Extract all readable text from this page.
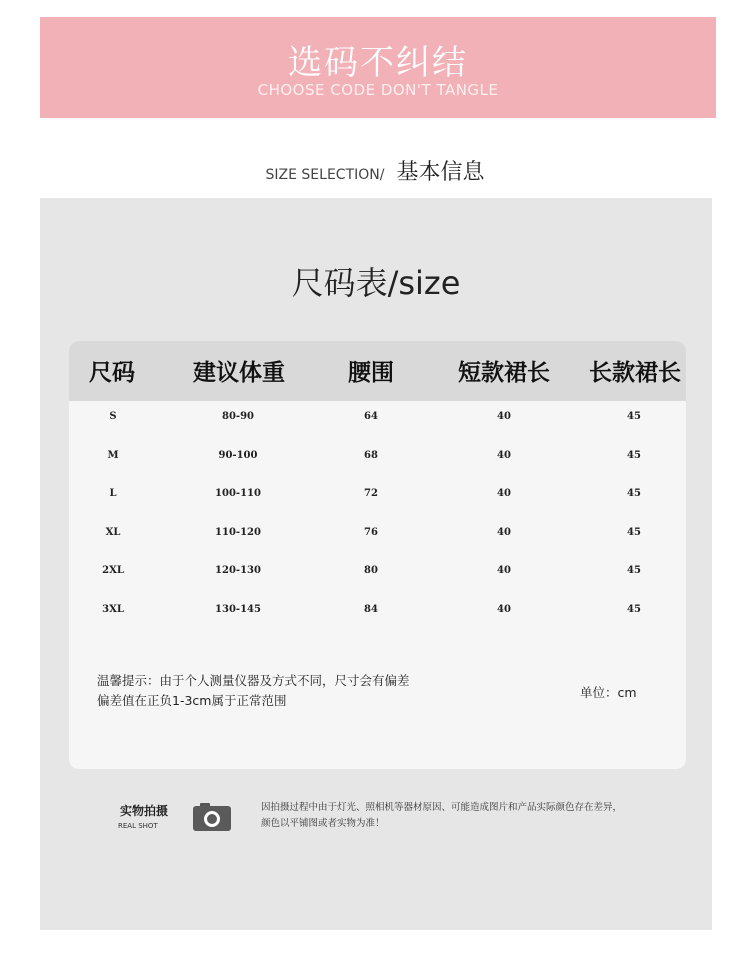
选码不纠结
CHOOSE CODE DON'T TANGLE
SIZE SELECTION/ 基本信息
尺码表/size
尺码	建议体重	腰围	短款裙长	长款裙长
S	80-90	64	40	45
M	90-100	68	40	45
L	100-110	72	40	45
XL	110-120	76	40	45
2XL	120-130	80	40	45
3XL	130-145	84	40	45
温馨提示：由于个人测量仪器及方式不同，尺寸会有偏差
偏差值在正负1-3cm属于正常范围
单位：cm
实物拍摄
REAL SHOT
因拍摄过程中由于灯光、照相机等器材原因、可能造成图片和产品实际颜色存在差异，
颜色以平铺图或者实物为准！
